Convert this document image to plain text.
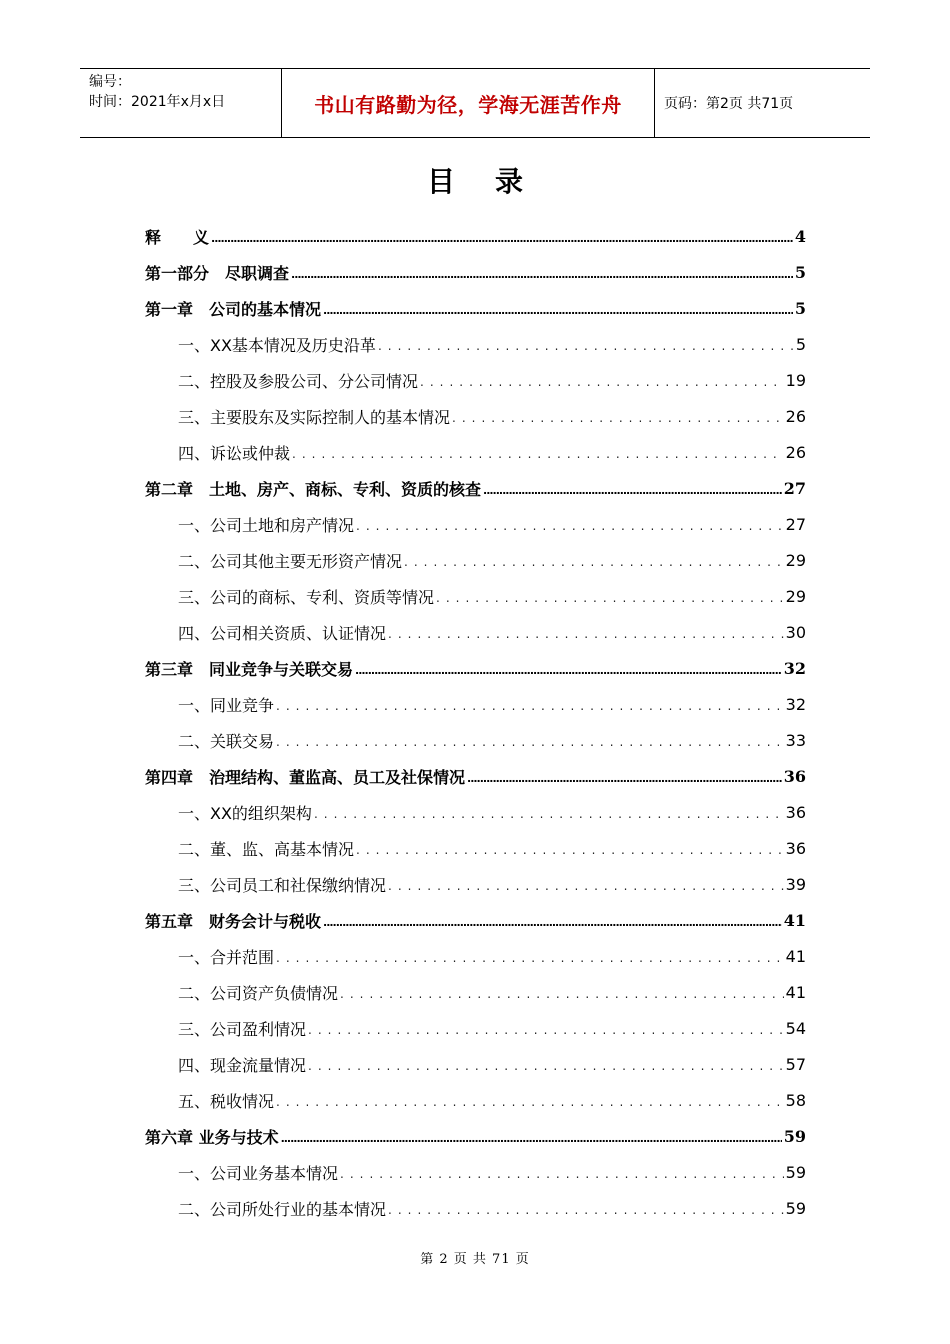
编号：
时间：2021年x月x日	书山有路勤为径，学海无涯苦作舟	页码：第2页 共71页
目录
释　　义 .....	4
第一部分　尽职调查 .....	5
第一章　公司的基本情况 .....	5
一、XX基本情况及历史沿革 .....	5
二、控股及参股公司、分公司情况 .....	19
三、主要股东及实际控制人的基本情况 .....	26
四、诉讼或仲裁 .....	26
第二章　土地、房产、商标、专利、资质的核查 .....	27
一、公司土地和房产情况 .....	27
二、公司其他主要无形资产情况 .....	29
三、公司的商标、专利、资质等情况 .....	29
四、公司相关资质、认证情况 .....	30
第三章　同业竞争与关联交易 .....	32
一、同业竞争 .....	32
二、关联交易 .....	33
第四章　治理结构、董监高、员工及社保情况 .....	36
一、XX的组织架构 .....	36
二、董、监、高基本情况 .....	36
三、公司员工和社保缴纳情况 .....	39
第五章　财务会计与税收 .....	41
一、合并范围 .....	41
二、公司资产负债情况 .....	41
三、公司盈利情况 .....	54
四、现金流量情况 .....	57
五、税收情况 .....	58
第六章 业务与技术 .....	59
一、公司业务基本情况 .....	59
二、公司所处行业的基本情况 .....	59
第 2 页 共 71 页
